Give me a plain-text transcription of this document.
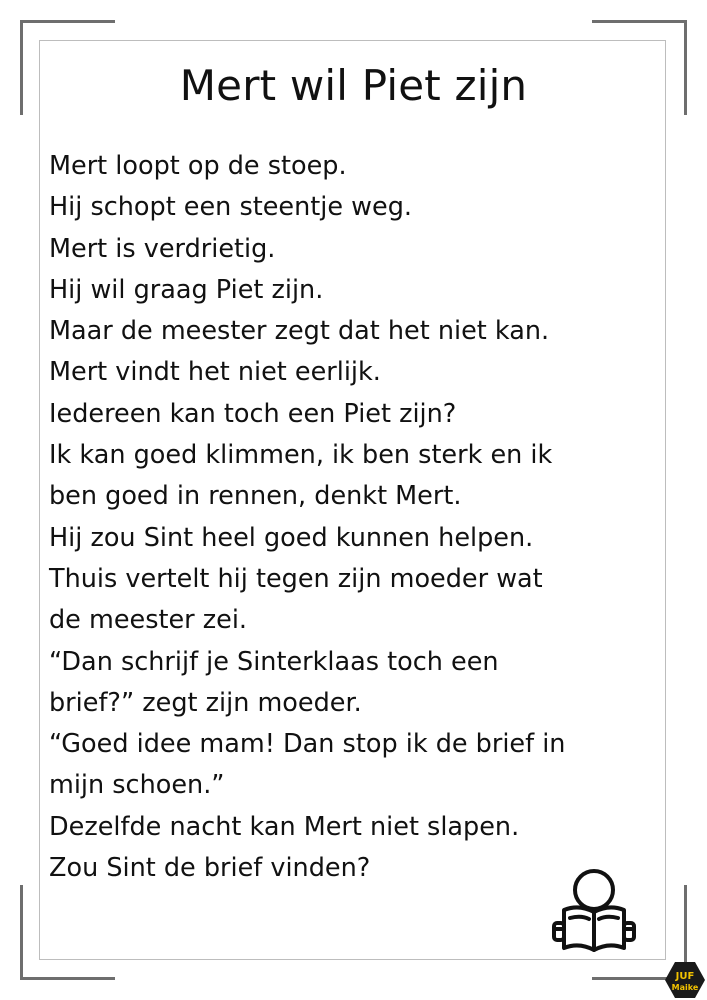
Mert wil Piet zijn
Mert loopt op de stoep.
Hij schopt een steentje weg.
Mert is verdrietig.
Hij wil graag Piet zijn.
Maar de meester zegt dat het niet kan.
Mert vindt het niet eerlijk.
Iedereen kan toch een Piet zijn?
Ik kan goed klimmen, ik ben sterk en ik
ben goed in rennen, denkt Mert.
Hij zou Sint heel goed kunnen helpen.
Thuis vertelt hij tegen zijn moeder wat
de meester zei.
“Dan schrijf je Sinterklaas toch een
brief?” zegt zijn moeder.
“Goed idee mam! Dan stop ik de brief in
mijn schoen.”
Dezelfde nacht kan Mert niet slapen.
Zou Sint de brief vinden?
JUF
Maike
